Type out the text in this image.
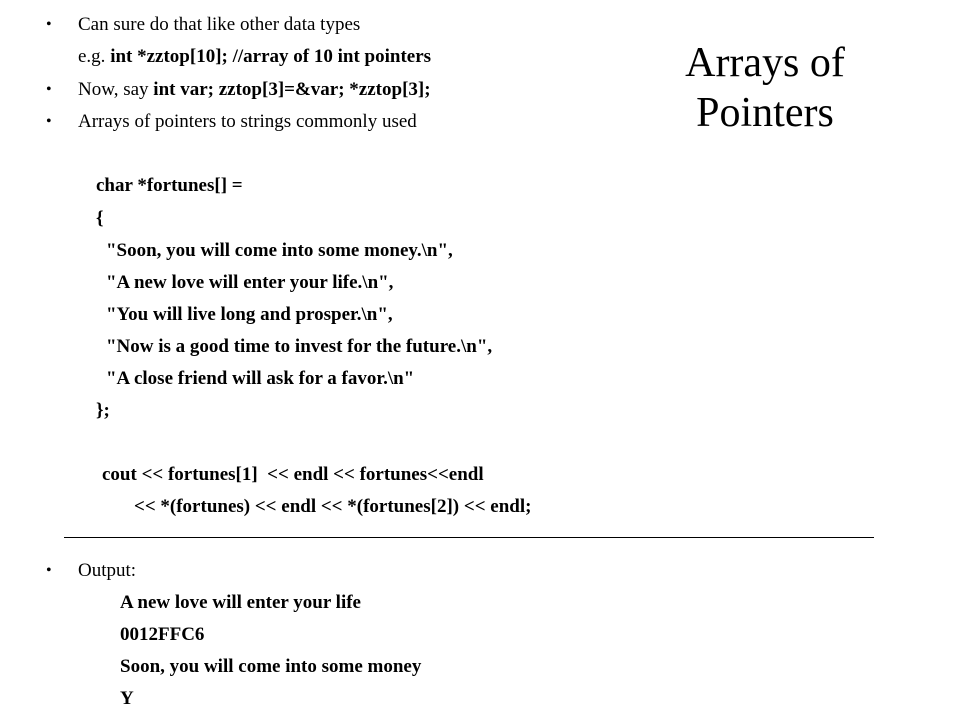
Arrays of
Pointers
• Can sure do that like other data types
e.g. int *zztop[10]; //array of 10 int pointers
• Now, say int var; zztop[3]=&var; *zztop[3];
• Arrays of pointers to strings commonly used
char *fortunes[] =
{
"Soon, you will come into some money.\n",
"A new love will enter your life.\n",
"You will live long and prosper.\n",
"Now is a good time to invest for the future.\n",
"A close friend will ask for a favor.\n"
};
cout << fortunes[1]  << endl << fortunes<<endl
<< *(fortunes) << endl << *(fortunes[2]) << endl;
• Output:
A new love will enter your life
0012FFC6
Soon, you will come into some money
Y
